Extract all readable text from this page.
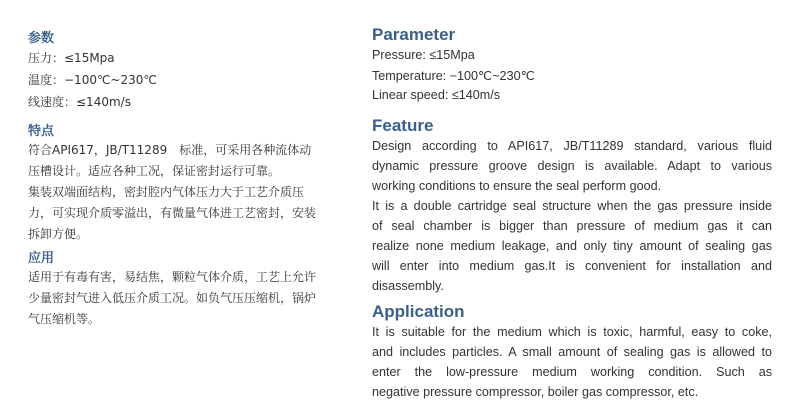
参数
压力：≤15Mpa
温度：−100℃~230℃
线速度：≤140m/s
特点
符合API617，JB/T11289　标准，可采用各种流体动
压槽设计。适应各种工况，保证密封运行可靠。
集装双端面结构，密封腔内气体压力大于工艺介质压
力，可实现介质零溢出，有微量气体进工艺密封，安装
拆卸方便。
应用
适用于有毒有害，易结焦，颗粒气体介质，工艺上允许
少量密封气进入低压介质工况。如负气压压缩机，锅炉
气压缩机等。
Parameter
Pressure: ≤15Mpa
Temperature: −100℃~230℃
Linear speed: ≤140m/s
Feature
Design according to API617, JB/T11289 standard, various fluid
dynamic pressure groove design is available. Adapt to various
working conditions to ensure the seal perform good.
It is a double cartridge seal structure when the gas pressure inside
of seal chamber is bigger than pressure of medium gas it can
realize none medium leakage, and only tiny amount of sealing gas
will enter into medium gas.It is convenient for installation and
disassembly.
Application
It is suitable for the medium which is toxic, harmful, easy to coke,
and includes particles. A small amount of sealing gas is allowed to
enter the low-pressure medium working condition. Such as
negative pressure compressor, boiler gas compressor, etc.
